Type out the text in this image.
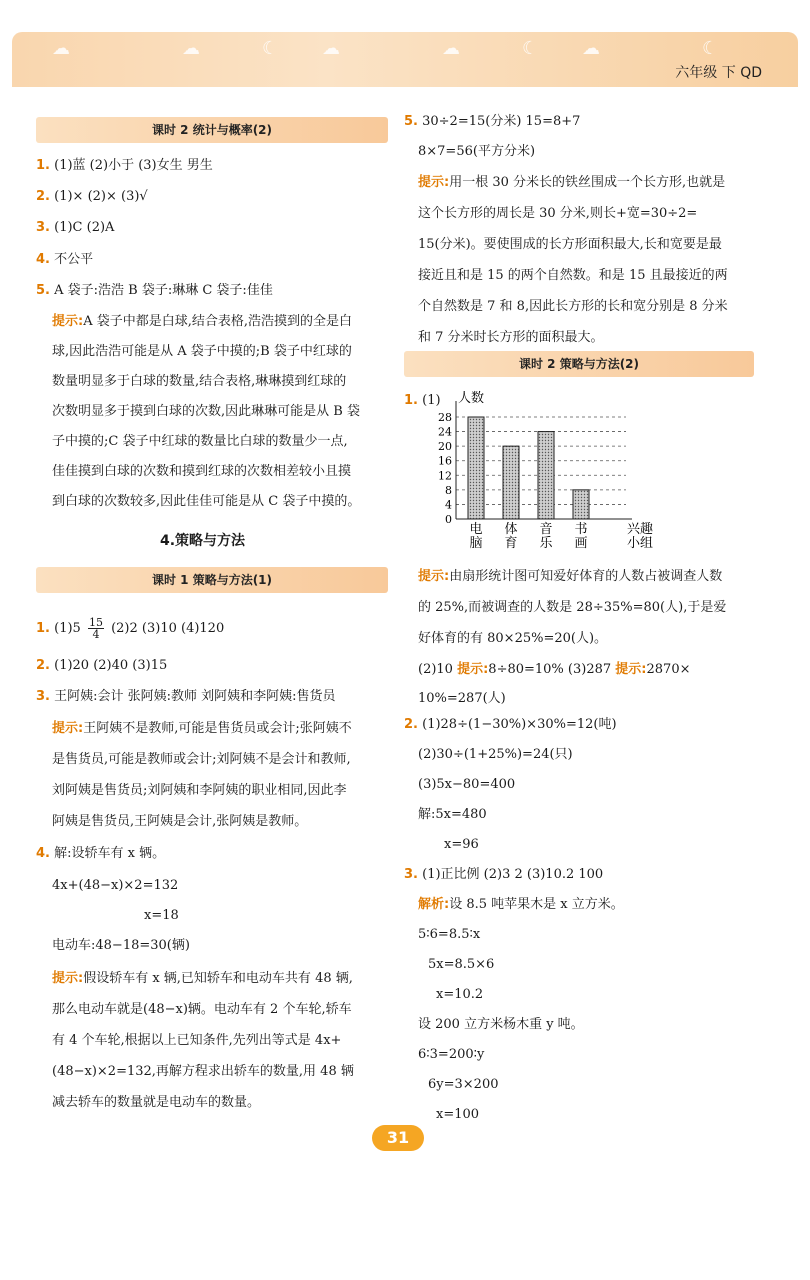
☁	☁	☾ ☁	☁	☾ ☁	☾
六年级 下 QD
课时 2 统计与概率(2)
1. (1)蓝 (2)小于 (3)女生 男生
2. (1)× (2)× (3)√
3. (1)C (2)A
4. 不公平
5. A 袋子:浩浩 B 袋子:琳琳 C 袋子:佳佳
提示:A 袋子中都是白球,结合表格,浩浩摸到的全是白
球,因此浩浩可能是从 A 袋子中摸的;B 袋子中红球的
数量明显多于白球的数量,结合表格,琳琳摸到红球的
次数明显多于摸到白球的次数,因此琳琳可能是从 B 袋
子中摸的;C 袋子中红球的数量比白球的数量少一点,
佳佳摸到白球的次数和摸到红球的次数相差较小且摸
到白球的次数较多,因此佳佳可能是从 C 袋子中摸的。
4.策略与方法
课时 1 策略与方法(1)
1. $(1)5 \frac{15}{4} (2)2$ (3)10 (4)120
2. (1)20 (2)40 (3)15
3. 王阿姨:会计 张阿姨:教师 刘阿姨和李阿姨:售货员
提示:王阿姨不是教师,可能是售货员或会计;张阿姨不
是售货员,可能是教师或会计;刘阿姨不是会计和教师,
刘阿姨是售货员;刘阿姨和李阿姨的职业相同,因此李
阿姨是售货员,王阿姨是会计,张阿姨是教师。
4. 解:设轿车有 x 辆。
4x+(48−x)×2=132
x=18
电动车:48−18=30(辆)
提示:假设轿车有 x 辆,已知轿车和电动车共有 48 辆,
那么电动车就是(48−x)辆。电动车有 2 个车轮,轿车
有 4 个车轮,根据以上已知条件,先列出等式是 4x+
(48−x)×2=132,再解方程求出轿车的数量,用 48 辆
减去轿车的数量就是电动车的数量。
5. 30÷2=15(分米) 15=8+7
8×7=56(平方分米)
提示:用一根 30 分米长的铁丝围成一个长方形,也就是
这个长方形的周长是 30 分米,则长+宽=30÷2=
15(分米)。要使围成的长方形面积最大,长和宽要是最
接近且和是 15 的两个自然数。和是 15 且最接近的两
个自然数是 7 和 8,因此长方形的长和宽分别是 8 分米
和 7 分米时长方形的面积最大。
课时 2 策略与方法(2)
1. (1) 人数
28
24
20
16
12
8
4
0
电
脑
体
育
音
乐
书
画
兴趣
小组
提示:由扇形统计图可知爱好体育的人数占被调查人数
的 25%,而被调查的人数是 28÷35%=80(人),于是爱
好体育的有 80×25%=20(人)。
(2)10 提示:8÷80=10% (3)287 提示:2870×
10%=287(人)
2. (1)28÷(1−30%)×30%=12(吨)
(2)30÷(1+25%)=24(只)
(3)5x−80=400
解:5x=480
x=96
3. (1)正比例 (2)3 2 (3)10.2 100
解析:设 8.5 吨苹果木是 x 立方米。
5∶6=8.5∶x
5x=8.5×6
x=10.2
设 200 立方米杨木重 y 吨。
6∶3=200∶y
6y=3×200
x=100
31
